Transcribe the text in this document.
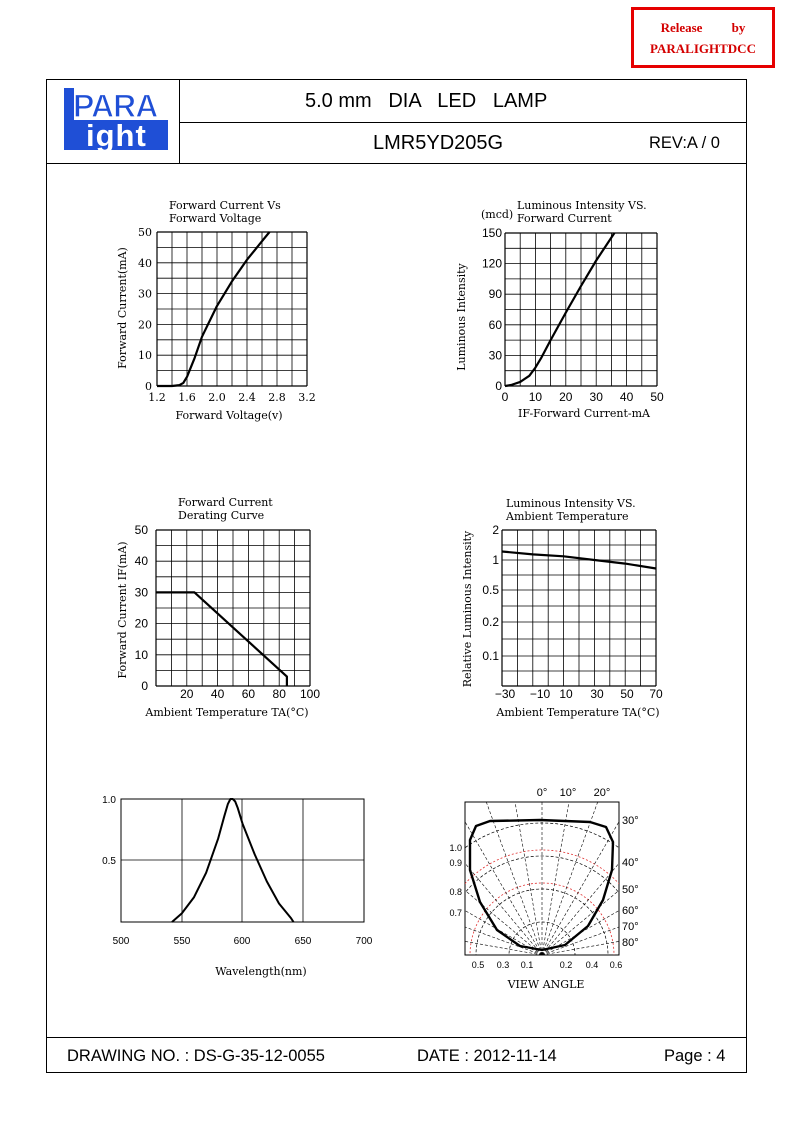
Release by
PARALIGHTDCC
PARA
ight
5.0 mm   DIA   LED   LAMP
LMR5YD205G	REV:A / 0
DRAWING NO. : DS-G-35-12-0055	DATE : 2012-11-14	Page : 4
1.2 1.6 2.0 2.4 2.8 3.2
0
10
20
30
40
50
Forward Current Vs
Forward Voltage
Forward Voltage(v)
Forward Current(mA)
0 10 20 30 40 50
0
30
60
90
120
150
Luminous Intensity VS.
Forward Current
(mcd)
IF-Forward Current-mA
Luminous Intensity
20 40 60 80 100
0
10
20
30
40
50
Forward Current
Derating Curve
Ambient Temperature TA(°C)
Forward Current IF(mA)
−30 −10 10 30 50 70
0.1
0.2
0.5
1
2
Luminous Intensity VS.
Ambient Temperature
Ambient Temperature TA(°C)
Relative Luminous Intensity
500	550	600	650	700
0.5
1.0
Wavelength(nm)
0° 10° 20°
30°
40°
50°
60°
70°
80°
1.0
0.9
0.8
0.7
0.5 0.3 0.1	0.2 0.4 0.6
VIEW ANGLE
